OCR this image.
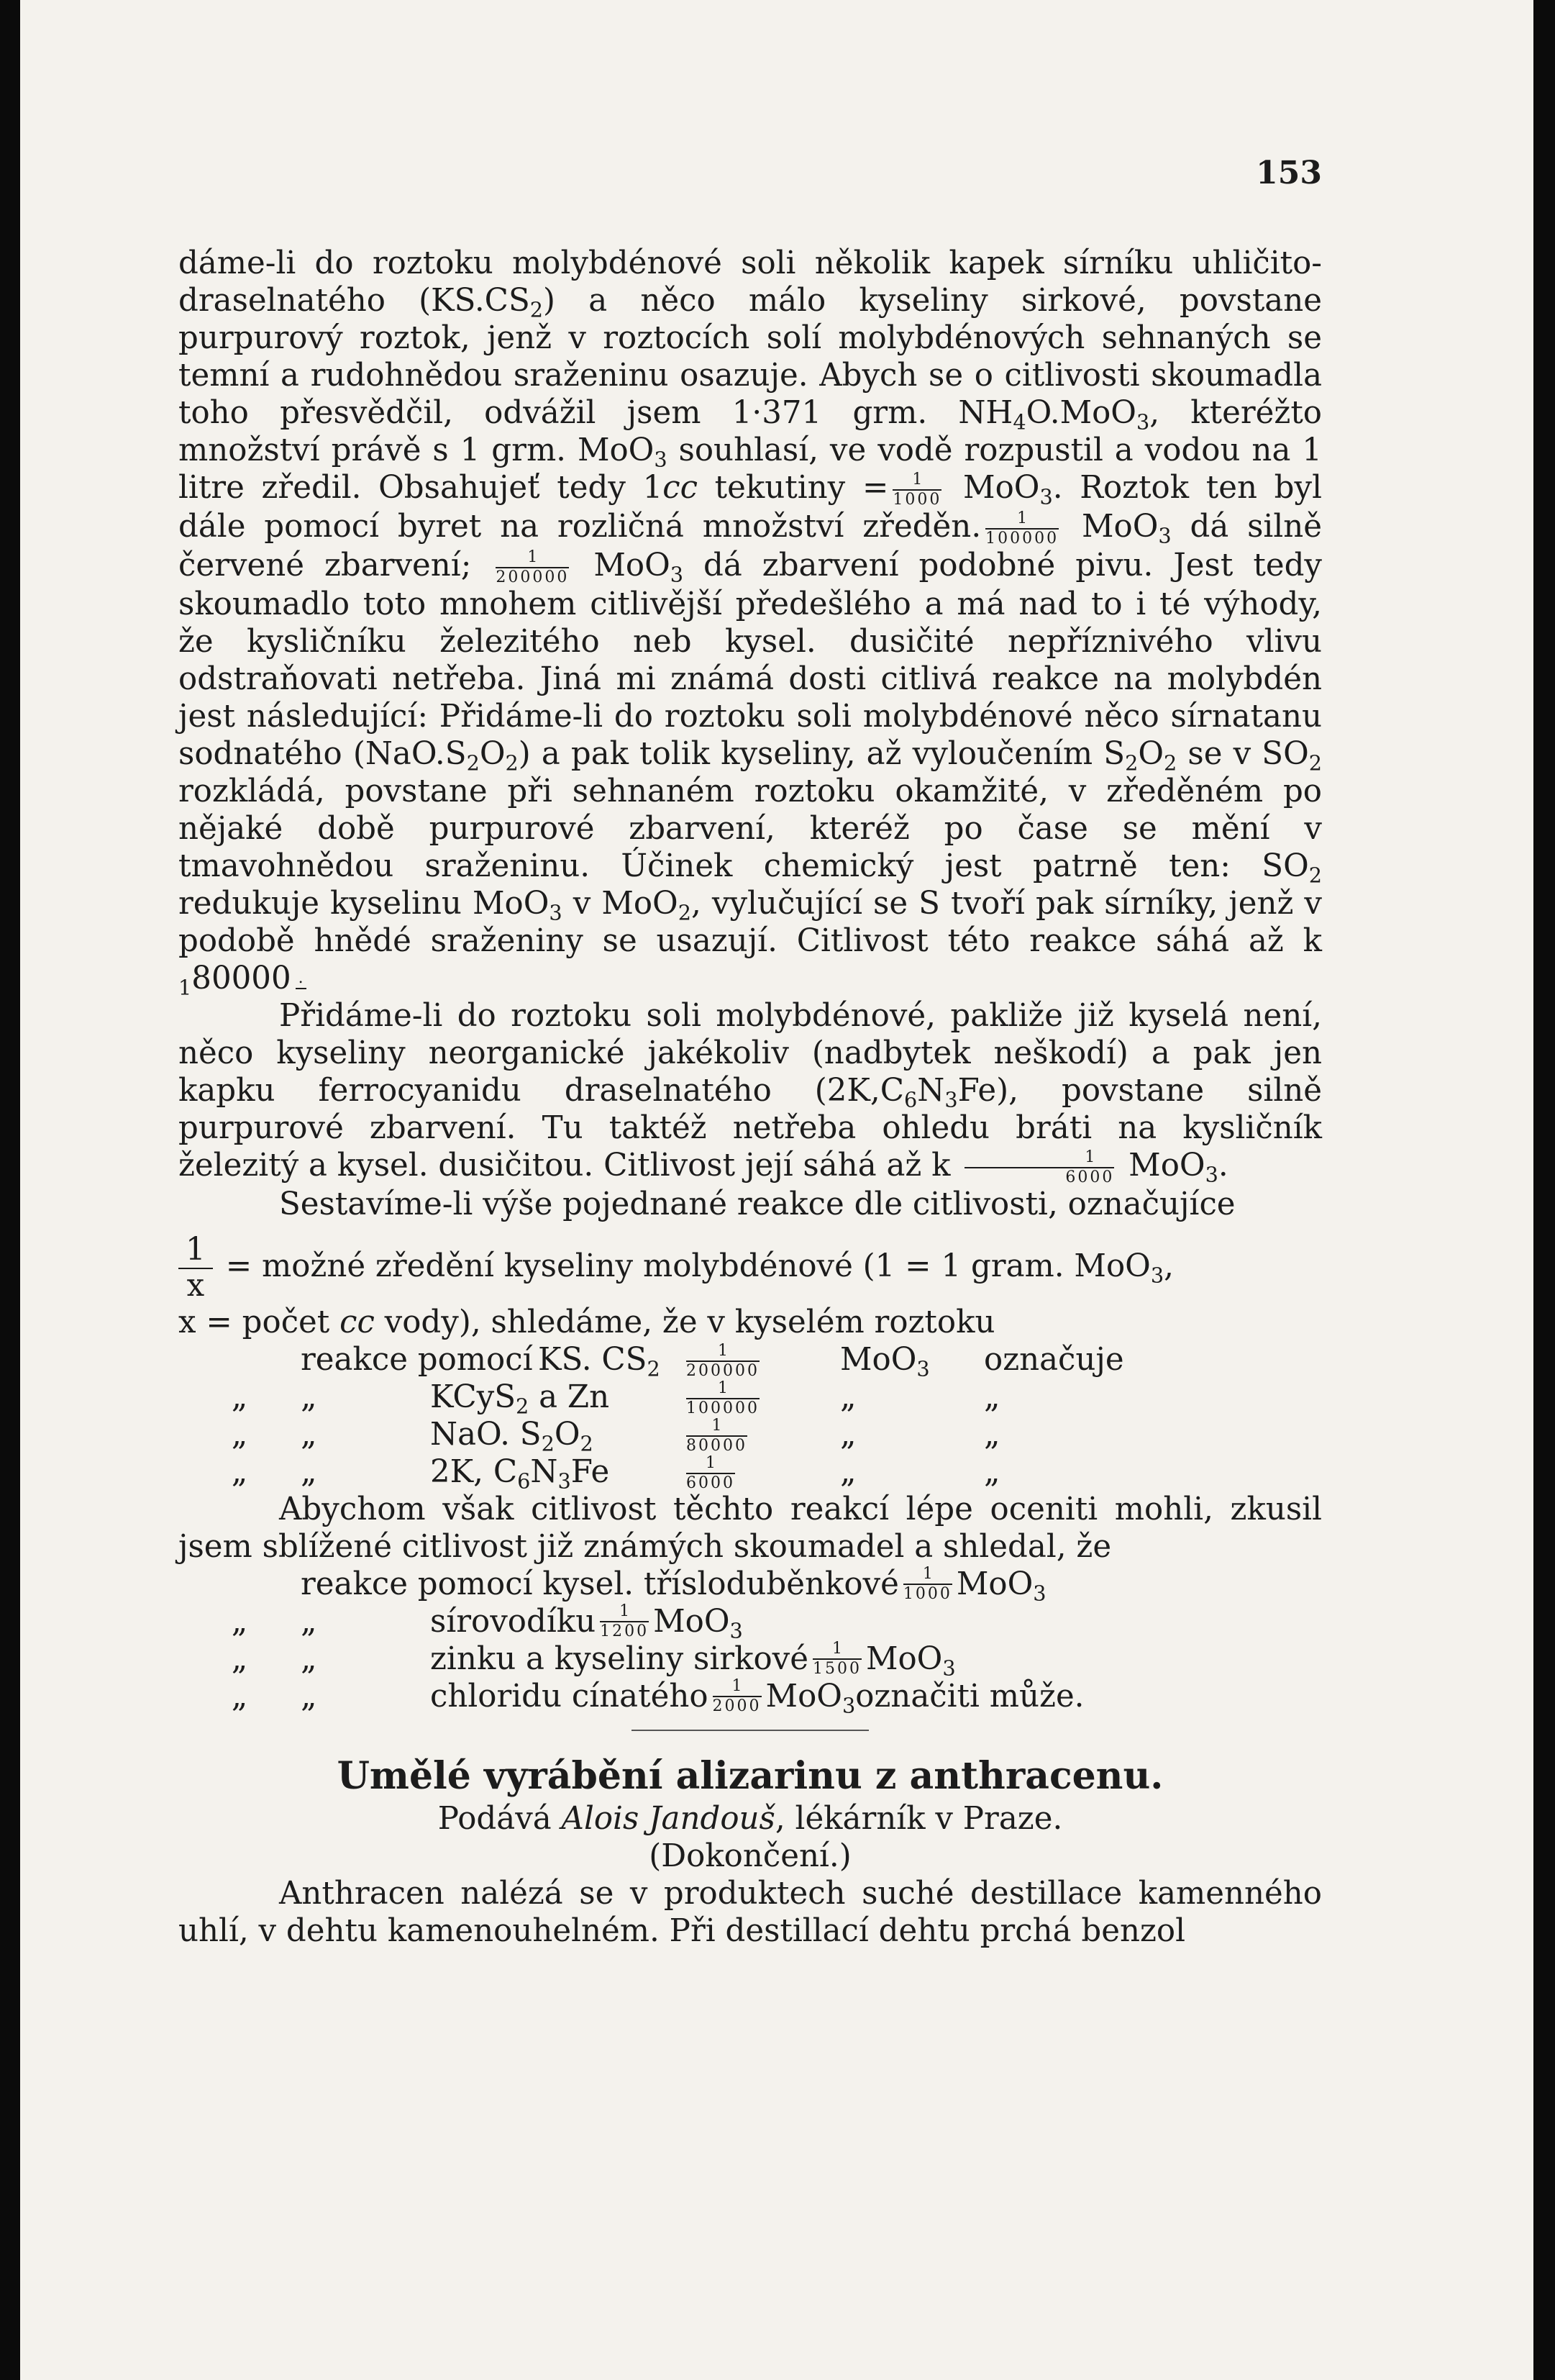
153

dáme-li do roztoku molybdénové soli několik kapek sírníku uhličito-draselnatého $(KS.CS_2)$ a něco málo kyseliny sirkové, povstane purpurový roztok, jenž v roztocích solí molybdénových sehnaných se temní a rudohnědou sraženinu osazuje. Abych se o citlivosti skoumadla toho přesvědčil, odvážil jsem 1·371 grm. $NH_4O.MoO_3$, kteréžto množství právě s 1 grm. MoO$_3$ souhlasí, ve vodě rozpustil a vodou na 1 litre zředil. Obsahujeť tedy 1cc tekutiny = $\frac{1}{1000} MoO_3$. Roztok ten byl dále pomocí byret na rozličná množství zředěn. $\frac{1}{100000} MoO_3$ dá silně červené zbarvení; $\frac{1}{200000} MoO_3$ dá zbarvení podobné pivu. Jest tedy skoumadlo toto mnohem citlivější předešlého a má nad to i té výhody, že kysličníku železitého neb kysel. dusičité nepříznivého vlivu odstraňovati netřeba. Jiná mi známá dosti citlivá reakce na molybdén jest následující: Přidáme-li do roztoku soli molybdénové něco sírnatanu sodnatého $(NaO.S_2O_2)$ a pak tolik kyseliny, až vyloučením $S_2O_2$ se v $SO_2$ rozkládá, povstane při sehnaném roztoku okamžité, v zředěném po nějaké době purpurové zbarvení, kteréž po čase se mění v tmavohnědou sraženinu. Účinek chemický jest patrně ten: $SO_2$ redukuje kyselinu MoO$_3$ v MoO$_2$, vylučující se S tvoří pak sírníky, jenž v podobě hnědé sraženiny se usazují. Citlivost této reakce sáhá až k $_1$80000 .

Přidáme-li do roztoku soli molybdénové, pakliže již kyselá není, něco kyseliny neorganické jakékoliv (nadbytek neškodí) a pak jen kapku ferrocyanidu draselnatého $(2K,C_6N_3Fe)$, povstane silně purpurové zbarvení. Tu taktéž netřeba ohledu bráti na kysličník železitý a kysel. dusičitou. Citlivost její sáhá až k $\frac{1}{6000} MoO_3$.

Sestavíme-li výše pojednané reakce dle citlivosti, označujíce

$\frac{1}{x}$ = možné zředění kyseliny molybdénové (1 = 1 gram. MoO$_3$,

x = počet cc vody), shledáme, že v kyselém roztoku

reakce pomocí KS. $CS_2$	$\frac{1}{200000}$	MoO$_3$	označuje
„	„	KCyS$_2$ a Zn	$\frac{1}{100000}$	„	„
„	„	NaO. $S_2O_2$	$\frac{1}{80000}$	„	„
„	„	2K, $C_6N_3Fe$	$\frac{1}{6000}$	„	„

Abychom však citlivost těchto reakcí lépe oceniti mohli, zkusil jsem sblížené citlivost již známých skoumadel a shledal, že

reakce pomocí kysel. třísloduběnkové $\frac{1}{1000} MoO_3$
„	„	sírovodíku $\frac{1}{1200} MoO_3$
„	„	zinku a kyseliny sirkové $\frac{1}{1500} MoO_3$
„	„	chloridu cínatého $\frac{1}{2000} MoO_3$ označiti může.

Umělé vyrábění alizarinu z anthracenu.

Podává Alois Jandouš, lékárník v Praze.

(Dokončení.)

Anthracen nalézá se v produktech suché destillace kamenného uhlí, v dehtu kamenouhelném. Při destillací dehtu prchá benzol
